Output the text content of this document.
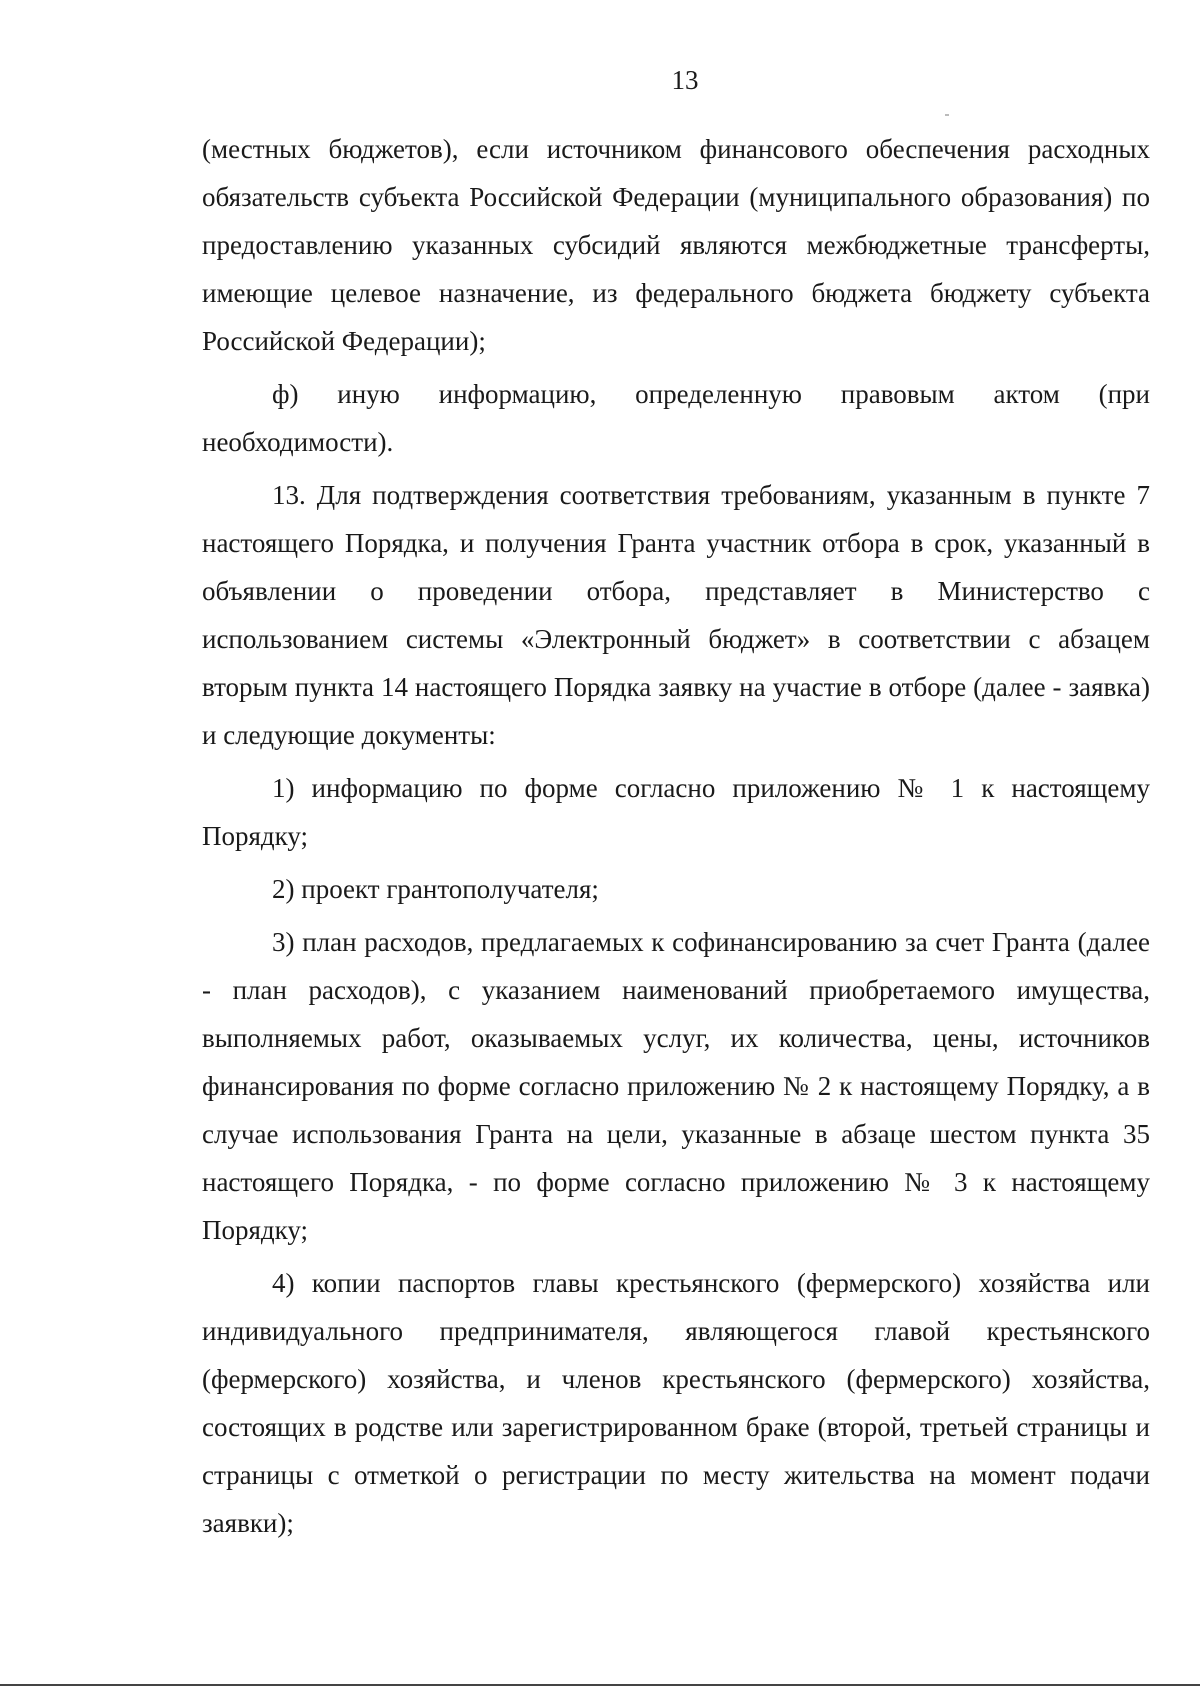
13

(местных бюджетов), если источником финансового обеспечения расходных обязательств субъекта Российской Федерации (муниципального образования) по предоставлению указанных субсидий являются межбюджетные трансферты, имеющие целевое назначение, из федерального бюджета бюджету субъекта Российской Федерации);

ф) иную информацию, определенную правовым актом (при необходимости).

13. Для подтверждения соответствия требованиям, указанным в пункте 7 настоящего Порядка, и получения Гранта участник отбора в срок, указанный в объявлении о проведении отбора, представляет в Министерство с использованием системы «Электронный бюджет» в соответствии с абзацем вторым пункта 14 настоящего Порядка заявку на участие в отборе (далее - заявка) и следующие документы:

1) информацию по форме согласно приложению № 1 к настоящему Порядку;

2) проект грантополучателя;

3) план расходов, предлагаемых к софинансированию за счет Гранта (далее - план расходов), с указанием наименований приобретаемого имущества, выполняемых работ, оказываемых услуг, их количества, цены, источников финансирования по форме согласно приложению № 2 к настоящему Порядку, а в случае использования Гранта на цели, указанные в абзаце шестом пункта 35 настоящего Порядка, - по форме согласно приложению № 3 к настоящему Порядку;

4) копии паспортов главы крестьянского (фермерского) хозяйства или индивидуального предпринимателя, являющегося главой крестьянского (фермерского) хозяйства, и членов крестьянского (фермерского) хозяйства, состоящих в родстве или зарегистрированном браке (второй, третьей страницы и страницы с отметкой о регистрации по месту жительства на момент подачи заявки);
